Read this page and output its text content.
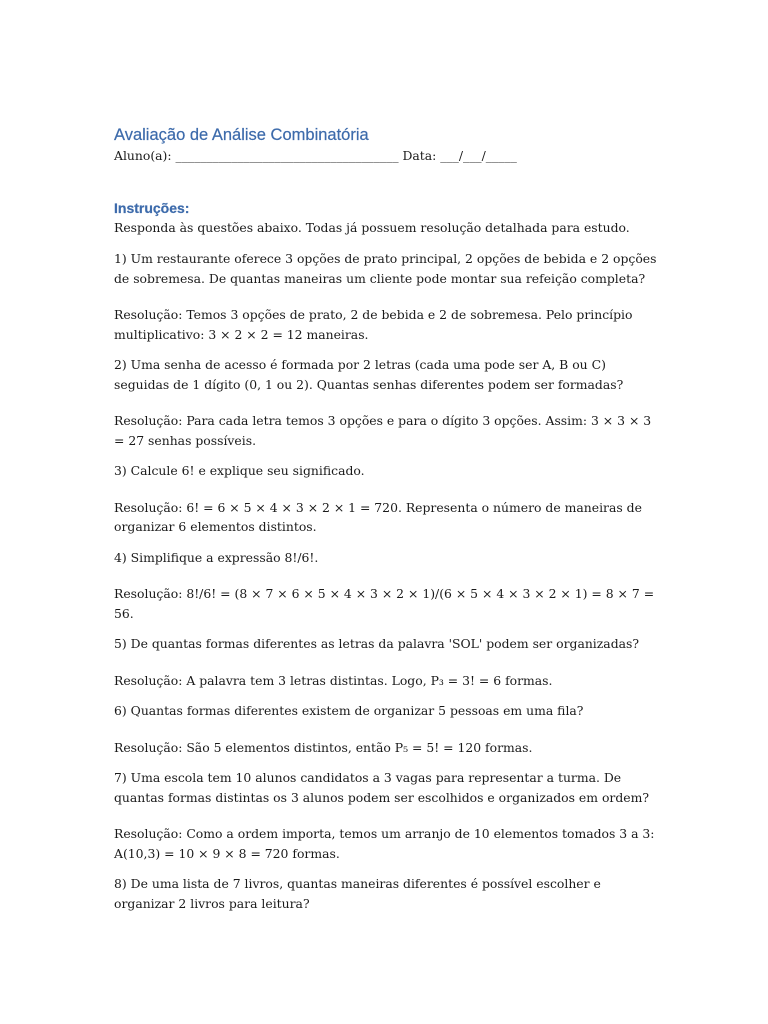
Avaliação de Análise Combinatória

Aluno(a): ____________________________________ Data: ___/___/_____

Instruções:

Responda às questões abaixo. Todas já possuem resolução detalhada para estudo.

1) Um restaurante oferece 3 opções de prato principal, 2 opções de bebida e 2 opções de sobremesa. De quantas maneiras um cliente pode montar sua refeição completa?

Resolução: Temos 3 opções de prato, 2 de bebida e 2 de sobremesa. Pelo princípio multiplicativo: 3 × 2 × 2 = 12 maneiras.

2) Uma senha de acesso é formada por 2 letras (cada uma pode ser A, B ou C) seguidas de 1 dígito (0, 1 ou 2). Quantas senhas diferentes podem ser formadas?

Resolução: Para cada letra temos 3 opções e para o dígito 3 opções. Assim: 3 × 3 × 3 = 27 senhas possíveis.

3) Calcule 6! e explique seu significado.

Resolução: 6! = 6 × 5 × 4 × 3 × 2 × 1 = 720. Representa o número de maneiras de organizar 6 elementos distintos.

4) Simplifique a expressão 8!/6!.

Resolução: 8!/6! = (8 × 7 × 6 × 5 × 4 × 3 × 2 × 1)/(6 × 5 × 4 × 3 × 2 × 1) = 8 × 7 = 56.

5) De quantas formas diferentes as letras da palavra 'SOL' podem ser organizadas?

Resolução: A palavra tem 3 letras distintas. Logo, P₃ = 3! = 6 formas.

6) Quantas formas diferentes existem de organizar 5 pessoas em uma fila?

Resolução: São 5 elementos distintos, então P₅ = 5! = 120 formas.

7) Uma escola tem 10 alunos candidatos a 3 vagas para representar a turma. De quantas formas distintas os 3 alunos podem ser escolhidos e organizados em ordem?

Resolução: Como a ordem importa, temos um arranjo de 10 elementos tomados 3 a 3: A(10,3) = 10 × 9 × 8 = 720 formas.

8) De uma lista de 7 livros, quantas maneiras diferentes é possível escolher e organizar 2 livros para leitura?
